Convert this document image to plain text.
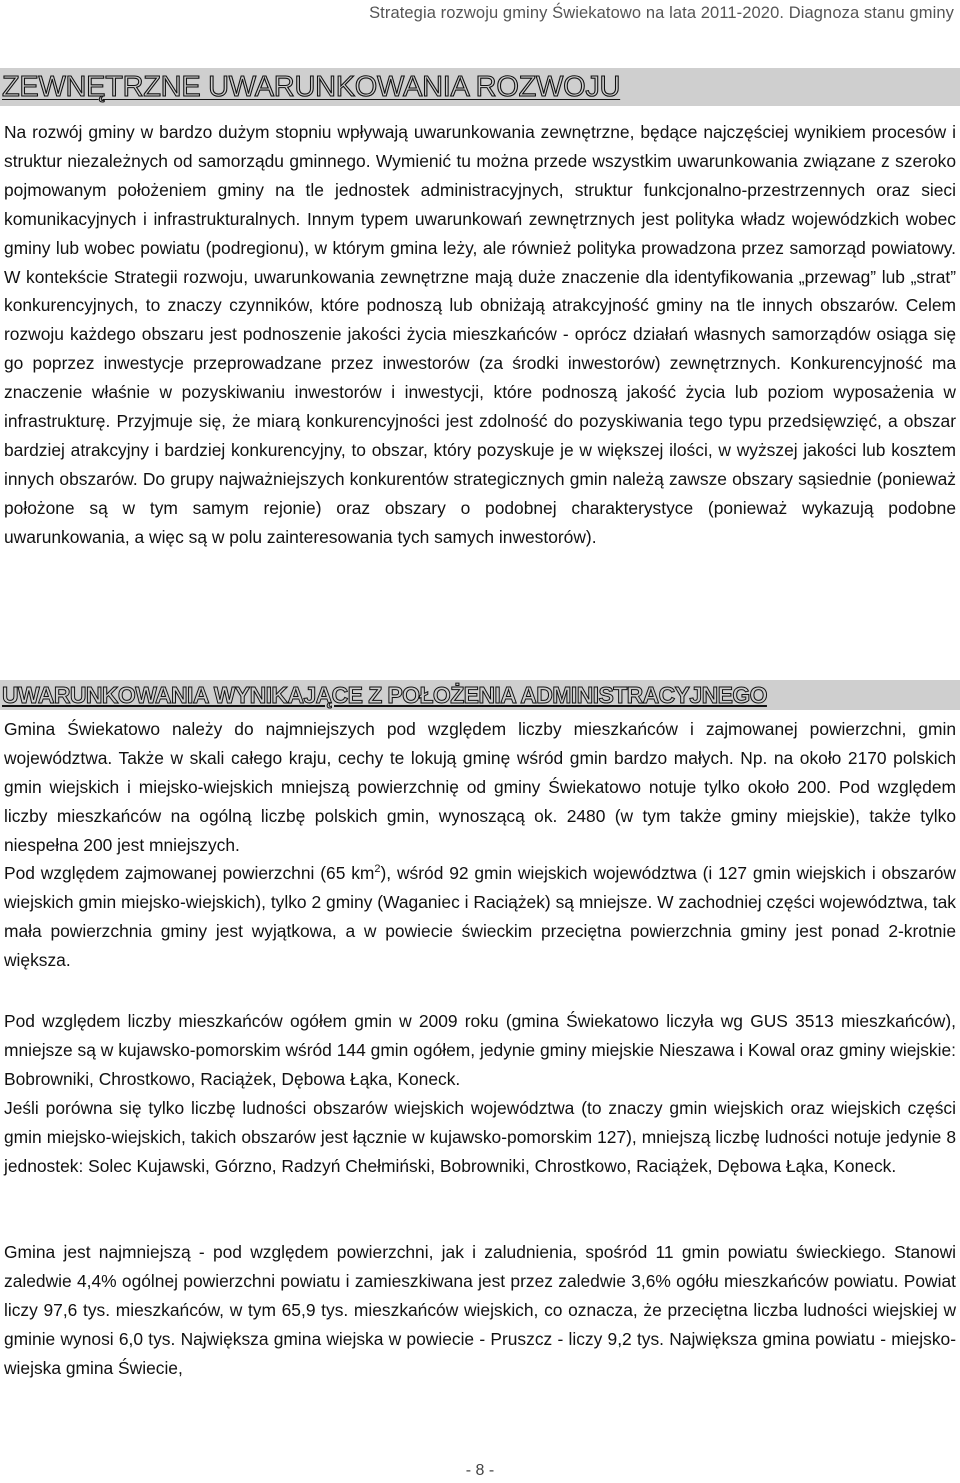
Strategia rozwoju gminy Świekatowo na lata 2011-2020. Diagnoza stanu gminy
ZEWNĘTRZNE UWARUNKOWANIA ROZWOJU

Na rozwój gminy w bardzo dużym stopniu wpływają uwarunkowania zewnętrzne, będące najczęściej wynikiem procesów i struktur niezależnych od samorządu gminnego. Wymienić tu można przede wszystkim uwarunkowania związane z szeroko pojmowanym położeniem gminy na tle jednostek administracyjnych, struktur funkcjonalno-przestrzennych oraz sieci komunikacyjnych i infrastrukturalnych. Innym typem uwarunkowań zewnętrznych jest polityka władz wojewódzkich wobec gminy lub wobec powiatu (podregionu), w którym gmina leży, ale również polityka prowadzona przez samorząd powiatowy. W kontekście Strategii rozwoju, uwarunkowania zewnętrzne mają duże znaczenie dla identyfikowania „przewag” lub „strat” konkurencyjnych, to znaczy czynników, które podnoszą lub obniżają atrakcyjność gminy na tle innych obszarów. Celem rozwoju każdego obszaru jest podnoszenie jakości życia mieszkańców - oprócz działań własnych samorządów osiąga się go poprzez inwestycje przeprowadzane przez inwestorów (za środki inwestorów) zewnętrznych. Konkurencyjność ma znaczenie właśnie w pozyskiwaniu inwestorów i inwestycji, które podnoszą jakość życia lub poziom wyposażenia w infrastrukturę. Przyjmuje się, że miarą konkurencyjności jest zdolność do pozyskiwania tego typu przedsięwzięć, a obszar bardziej atrakcyjny i bardziej konkurencyjny, to obszar, który pozyskuje je w większej ilości, w wyższej jakości lub kosztem innych obszarów. Do grupy najważniejszych konkurentów strategicznych gmin należą zawsze obszary sąsiednie (ponieważ położone są w tym samym rejonie) oraz obszary o podobnej charakterystyce (ponieważ wykazują podobne uwarunkowania, a więc są w polu zainteresowania tych samych inwestorów).

UWARUNKOWANIA WYNIKAJĄCE Z POŁOŻENIA ADMINISTRACYJNEGO

Gmina Świekatowo należy do najmniejszych pod względem liczby mieszkańców i zajmowanej powierzchni, gmin województwa. Także w skali całego kraju, cechy te lokują gminę wśród gmin bardzo małych. Np. na około 2170 polskich gmin wiejskich i miejsko-wiejskich mniejszą powierzchnię od gminy Świekatowo notuje tylko około 200. Pod względem liczby mieszkańców na ogólną liczbę polskich gmin, wynoszącą ok. 2480 (w tym także gminy miejskie), także tylko niespełna 200 jest mniejszych.

Pod względem zajmowanej powierzchni (65 $km^2$), wśród 92 gmin wiejskich województwa (i 127 gmin wiejskich i obszarów wiejskich gmin miejsko-wiejskich), tylko 2 gminy (Waganiec i Raciążek) są mniejsze. W zachodniej części województwa, tak mała powierzchnia gminy jest wyjątkowa, a w powiecie świeckim przeciętna powierzchnia gminy jest ponad 2-krotnie większa.

Pod względem liczby mieszkańców ogółem gmin w 2009 roku (gmina Świekatowo liczyła wg GUS 3513 mieszkańców), mniejsze są w kujawsko-pomorskim wśród 144 gmin ogółem, jedynie gminy miejskie Nieszawa i Kowal oraz gminy wiejskie: Bobrowniki, Chrostkowo, Raciążek, Dębowa Łąka, Koneck.

Jeśli porówna się tylko liczbę ludności obszarów wiejskich województwa (to znaczy gmin wiejskich oraz wiejskich części gmin miejsko-wiejskich, takich obszarów jest łącznie w kujawsko-pomorskim 127), mniejszą liczbę ludności notuje jedynie 8 jednostek: Solec Kujawski, Górzno, Radzyń Chełmiński, Bobrowniki, Chrostkowo, Raciążek, Dębowa Łąka, Koneck.

Gmina jest najmniejszą - pod względem powierzchni, jak i zaludnienia, spośród 11 gmin powiatu świeckiego. Stanowi zaledwie 4,4% ogólnej powierzchni powiatu i zamieszkiwana jest przez zaledwie 3,6% ogółu mieszkańców powiatu. Powiat liczy 97,6 tys. mieszkańców, w tym 65,9 tys. mieszkańców wiejskich, co oznacza, że przeciętna liczba ludności wiejskiej w gminie wynosi 6,0 tys. Największa gmina wiejska w powiecie - Pruszcz - liczy 9,2 tys. Największa gmina powiatu - miejsko-wiejska gmina Świecie,

- 8 -
